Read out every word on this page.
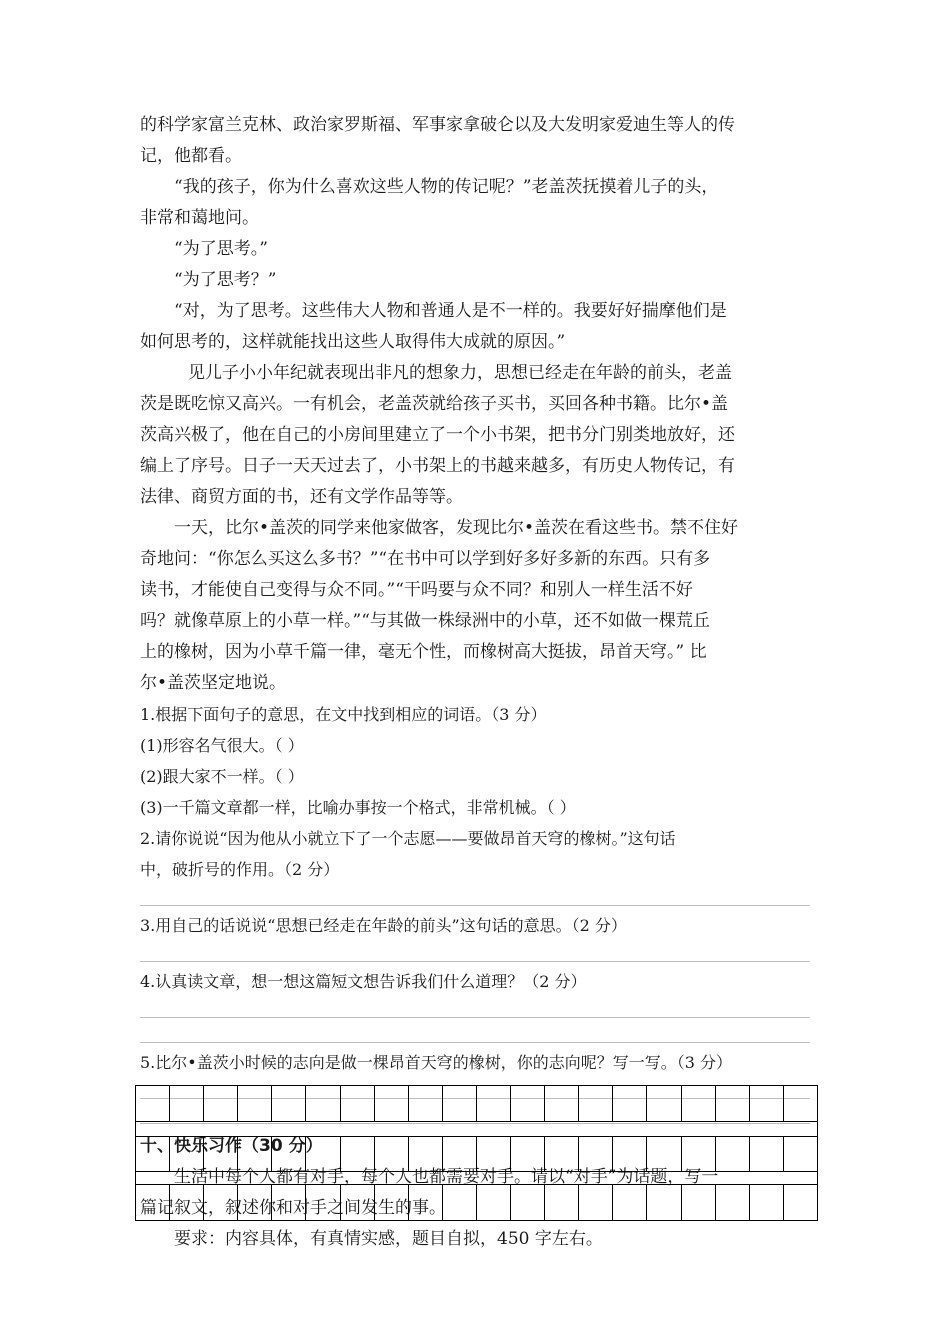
的科学家富兰克林、政治家罗斯福、军事家拿破仑以及大发明家爱迪生等人的传

记，他都看。

“我的孩子，你为什么喜欢这些人物的传记呢？”老盖茨抚摸着儿子的头，

非常和蔼地问。

“为了思考。”

“为了思考？”

“对，为了思考。这些伟大人物和普通人是不一样的。我要好好揣摩他们是

如何思考的，这样就能找出这些人取得伟大成就的原因。”

见儿子小小年纪就表现出非凡的想象力，思想已经走在年龄的前头，老盖

茨是既吃惊又高兴。一有机会，老盖茨就给孩子买书，买回各种书籍。比尔•盖

茨高兴极了，他在自己的小房间里建立了一个小书架，把书分门别类地放好，还

编上了序号。日子一天天过去了，小书架上的书越来越多，有历史人物传记，有

法律、商贸方面的书，还有文学作品等等。

一天，比尔•盖茨的同学来他家做客，发现比尔•盖茨在看这些书。禁不住好

奇地问：“你怎么买这么多书？”“在书中可以学到好多好多新的东西。只有多

读书，才能使自己变得与众不同。”“干吗要与众不同？和别人一样生活不好

吗？就像草原上的小草一样。”“与其做一株绿洲中的小草，还不如做一棵荒丘

上的橡树，因为小草千篇一律，毫无个性，而橡树高大挺拔，昂首天穹。” 比

尔•盖茨坚定地说。

1.根据下面句子的意思，在文中找到相应的词语。（3 分）

(1)形容名气很大。（ ）

(2)跟大家不一样。（ ）

(3)一千篇文章都一样，比喻办事按一个格式，非常机械。（ ）

2.请你说说“因为他从小就立下了一个志愿——要做昂首天穹的橡树。”这句话

中，破折号的作用。（2 分）

3.用自己的话说说“思想已经走在年龄的前头”这句话的意思。（2 分）

4.认真读文章，想一想这篇短文想告诉我们什么道理？（2 分）

5.比尔•盖茨小时候的志向是做一棵昂首天穹的橡树，你的志向呢？写一写。（3 分）

十、快乐习作（30 分）

生活中每个人都有对手，每个人也都需要对手。请以“对手”为话题，写一

篇记叙文，叙述你和对手之间发生的事。

要求：内容具体，有真情实感，题目自拟，450 字左右。
